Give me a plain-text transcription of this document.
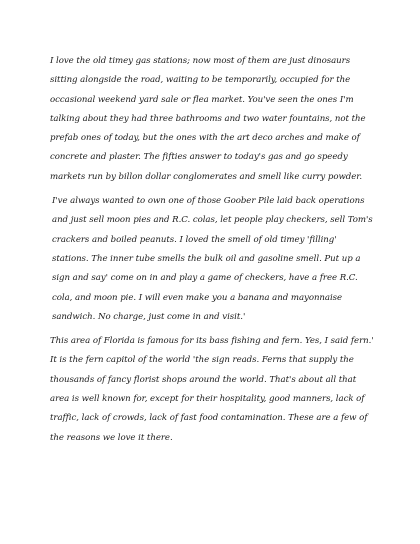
I love the old timey gas stations; now most of them are just dinosaurs sitting alongside the road, waiting to be temporarily, occupied for the occasional weekend yard sale or flea market. You've seen the ones I'm talking about they had three bathrooms and two water fountains, not the prefab ones of today, but the ones with the art deco arches and make of concrete and plaster. The fifties answer to today's gas and go speedy markets run by billon dollar conglomerates and smell like curry powder.

I've always wanted to own one of those Goober Pile laid back operations and just sell moon pies and R.C. colas, let people play checkers, sell Tom's crackers and boiled peanuts. I loved the smell of old timey 'filling' stations. The inner tube smells the bulk oil and gasoline smell. Put up a sign and say' come on in and play a game of checkers, have a free R.C. cola, and moon pie. I will even make you a banana and mayonnaise sandwich. No charge, just come in and visit.'

This area of Florida is famous for its bass fishing and fern. Yes, I said fern.' It is the fern capitol of the world 'the sign reads. Ferns that supply the thousands of fancy florist shops around the world. That's about all that area is well known for, except for their hospitality, good manners, lack of traffic, lack of crowds, lack of fast food contamination. These are a few of the reasons we love it there.
